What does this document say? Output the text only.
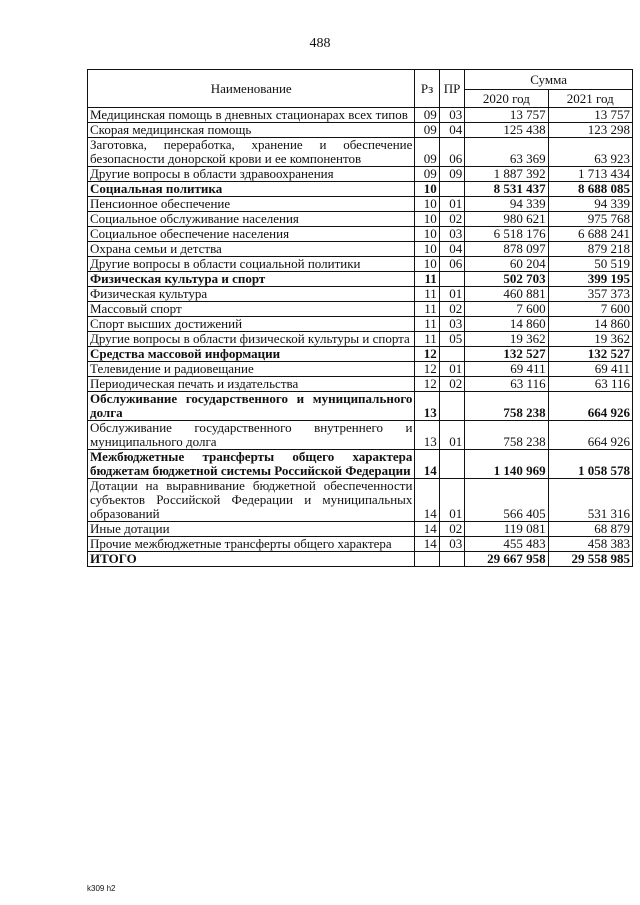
488
Наименование	Рз	ПР	Сумма	
			2020 год	2021 год
Медицинская помощь в дневных стационарах всех типов	09	03	13 757	13 757
Скорая медицинская помощь	09	04	125 438	123 298
Заготовка, переработка, хранение и обеспечение безопасности донорской крови и ее компонентов	09	06	63 369	63 923
Другие вопросы в области здравоохранения	09	09	1 887 392	1 713 434
Социальная политика	10		8 531 437	8 688 085
Пенсионное обеспечение	10	01	94 339	94 339
Социальное обслуживание населения	10	02	980 621	975 768
Социальное обеспечение населения	10	03	6 518 176	6 688 241
Охрана семьи и детства	10	04	878 097	879 218
Другие вопросы в области социальной политики	10	06	60 204	50 519
Физическая культура и спорт	11		502 703	399 195
Физическая культура	11	01	460 881	357 373
Массовый спорт	11	02	7 600	7 600
Спорт высших достижений	11	03	14 860	14 860
Другие вопросы в области физической культуры и спорта	11	05	19 362	19 362
Средства массовой информации	12		132 527	132 527
Телевидение и радиовещание	12	01	69 411	69 411
Периодическая печать и издательства	12	02	63 116	63 116
Обслуживание государственного и муниципального долга	13		758 238	664 926
Обслуживание государственного внутреннего и муниципального долга	13	01	758 238	664 926
Межбюджетные трансферты общего характера бюджетам бюджетной системы Российской Федерации	14		1 140 969	1 058 578
Дотации на выравнивание бюджетной обеспеченности субъектов Российской Федерации и муниципальных образований	14	01	566 405	531 316
Иные дотации	14	02	119 081	68 879
Прочие межбюджетные трансферты общего характера	14	03	455 483	458 383
ИТОГО			29 667 958	29 558 985
k309 h2
